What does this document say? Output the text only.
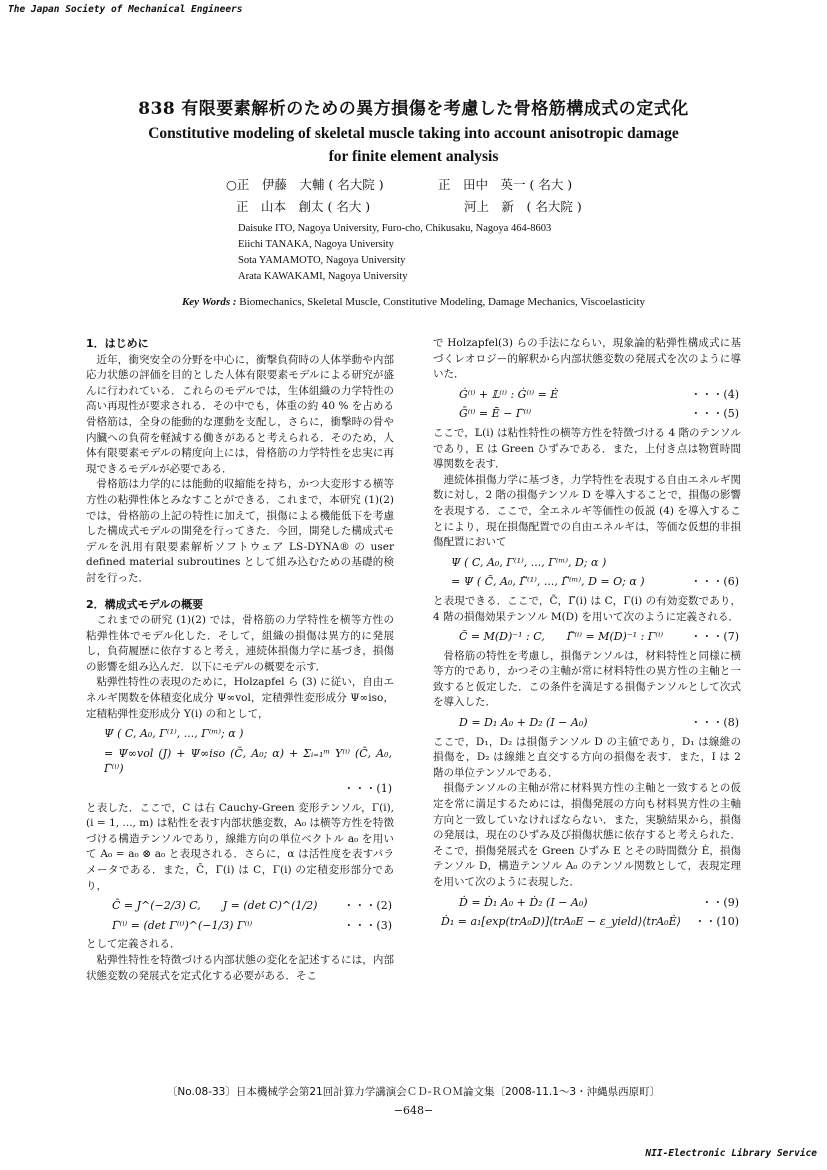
The Japan Society of Mechanical Engineers
838 有限要素解析のための異方損傷を考慮した骨格筋構成式の定式化
Constitutive modeling of skeletal muscle taking into account anisotropic damage
for finite element analysis
○正　伊藤　大輔 ( 名大院 )	正　田中　英一 ( 名大 )
正　山本　創太 ( 名大 )	河上　新　( 名大院 )
Daisuke ITO, Nagoya University, Furo-cho, Chikusaku, Nagoya 464-8603
Eiichi TANAKA, Nagoya University
Sota YAMAMOTO, Nagoya University
Arata KAWAKAMI, Nagoya University
Key Words : Biomechanics, Skeletal Muscle, Constitutive Modeling, Damage Mechanics, Viscoelasticity

1．はじめに

近年，衝突安全の分野を中心に，衝撃負荷時の人体挙動や内部応力状態の評価を目的とした人体有限要素モデルによる研究が盛んに行われている．これらのモデルでは，生体組織の力学特性の高い再現性が要求される．その中でも，体重の約 40 % を占める骨格筋は，全身の能動的な運動を支配し，さらに，衝撃時の骨や内臓への負荷を軽減する働きがあると考えられる．そのため，人体有限要素モデルの精度向上には，骨格筋の力学特性を忠実に再現できるモデルが必要である．

骨格筋は力学的には能動的収縮能を持ち，かつ大変形する横等方性の粘弾性体とみなすことができる．これまで，本研究 (1)(2) では，骨格筋の上記の特性に加えて，損傷による機能低下を考慮した構成式モデルの開発を行ってきた．今回，開発した構成式モデルを汎用有限要素解析ソフトウェア LS-DYNA® の user defined material subroutines として組み込むための基礎的検討を行った．

2．構成式モデルの概要

これまでの研究 (1)(2) では，骨格筋の力学特性を横等方性の粘弾性体でモデル化した．そして，組織の損傷は異方的に発展し，負荷履歴に依存すると考え，連続体損傷力学に基づき，損傷の影響を組み込んだ．以下にモデルの概要を示す．

粘弾性特性の表現のために，Holzapfel ら (3) に従い，自由エネルギ関数を体積変化成分 Ψ∞vol，定積弾性変形成分 Ψ∞iso，定積粘弾性変形成分 Υ(i) の和として，

Ψ ( C, A₀, Γ⁽¹⁾, ..., Γ⁽ᵐ⁾; α )
= Ψ∞vol (J) + Ψ∞iso (C̄, A₀; α) + Σᵢ₌₁ᵐ Υ⁽ⁱ⁾ (C̄, A₀, Γ̄⁽ⁱ⁾)
・・・(1)

と表した．ここで，C は右 Cauchy-Green 変形テンソル，Γ(i), (i = 1, ..., m) は粘性を表す内部状態変数，A₀ は横等方性を特徴づける構造テンソルであり，線維方向の単位ベクトル a₀ を用いて A₀ = a₀ ⊗ a₀ と表現される．さらに，α は活性度を表すパラメータである．また，C̄，Γ̄(i) は C，Γ(i) の定積変形部分であり，

C̄ = J^(−2/3) C,　　J = (det C)^(1/2) ・・・(2)
Γ̄⁽ⁱ⁾ = (det Γ⁽ⁱ⁾)^(−1/3) Γ⁽ⁱ⁾	・・・(3)

として定義される．

粘弾性特性を特徴づける内部状態の変化を記述するには，内部状態変数の発展式を定式化する必要がある．そこ

で Holzapfel(3) らの手法にならい，現象論的粘弾性構成式に基づくレオロジー的解釈から内部状態変数の発展式を次のように導いた．

Ġ⁽ⁱ⁾ + 𝕃⁽ⁱ⁾ : Ġ⁽ⁱ⁾ = Ė	・・・(4)
Ḡ⁽ⁱ⁾ = Ē − Γ̄⁽ⁱ⁾	・・・(5)

ここで，𝕃(i) は粘性特性の横等方性を特徴づける 4 階のテンソルであり，E は Green ひずみである．また，上付き点は物質時間導関数を表す．

連続体損傷力学に基づき，力学特性を表現する自由エネルギ関数に対し，2 階の損傷テンソル D を導入することで，損傷の影響を表現する．ここで，全エネルギ等価性の仮説 (4) を導入することにより，現在損傷配置での自由エネルギは，等価な仮想的非損傷配置において

Ψ ( C, A₀, Γ⁽¹⁾, ..., Γ⁽ᵐ⁾, D; α )
= Ψ ( C̃, A₀, Γ̃⁽¹⁾, ..., Γ̃⁽ᵐ⁾, D = O; α )	・・・(6)

と表現できる．ここで，C̃，Γ̃(i) は C，Γ(i) の有効変数であり，4 階の損傷効果テンソル M(D) を用いて次のように定義される．

C̃ = M(D)⁻¹ : C,　　Γ̃⁽ⁱ⁾ = M(D)⁻¹ : Γ⁽ⁱ⁾ ・・・(7)

骨格筋の特性を考慮し，損傷テンソルは，材料特性と同様に横等方的であり，かつその主軸が常に材料特性の異方性の主軸と一致すると仮定した．この条件を満足する損傷テンソルとして次式を導入した．

D = D₁ A₀ + D₂ (I − A₀)	・・・(8)

ここで，D₁，D₂ は損傷テンソル D の主値であり，D₁ は線維の損傷を，D₂ は線維と直交する方向の損傷を表す．また，I は 2 階の単位テンソルである．

損傷テンソルの主軸が常に材料異方性の主軸と一致するとの仮定を常に満足するためには，損傷発展の方向も材料異方性の主軸方向と一致していなければならない．また，実験結果から，損傷の発展は，現在のひずみ及び損傷状態に依存すると考えられた．そこで，損傷発展式を Green ひずみ E とその時間微分 Ė，損傷テンソル D，構造テンソル A₀ のテンソル関数として，表現定理を用いて次のように表現した．

Ḋ = Ḋ₁ A₀ + Ḋ₂ (I − A₀)	・・(9)
Ḋ₁ = a₁[exp(trA₀D)]⟨trA₀E − ε_yield⟩⟨trA₀Ė⟩ ・・(10)
〔No.08-33〕日本機械学会第21回計算力学講演会ＣＤ-ＲＯＭ論文集〔2008-11.1〜3・沖縄県西原町〕
−648−
NII-Electronic Library Service
